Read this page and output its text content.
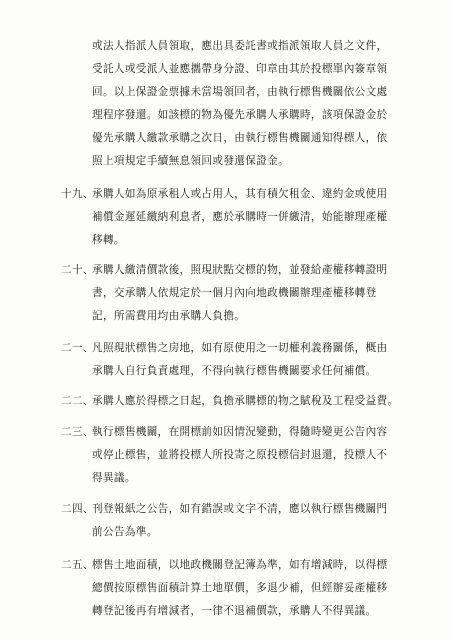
或法人指派人員領取，應出具委託書或指派領取人員之文件，
受託人或受派人並應攜帶身分證、印章由其於投標單內簽章領
回。以上保證金票據未當場領回者，由執行標售機關依公文處
理程序發還。如該標的物為優先承購人承購時，該項保證金於
優先承購人繳款承購之次日，由執行標售機關通知得標人，依
照上項規定手續無息領回或發還保證金。
十九、
承購人如為原承租人或占用人，其有積欠租金、違約金或使用
補償金遲延繳納利息者，應於承購時一併繳清，始能辦理產權
移轉。
二十、
承購人繳清價款後，照現狀點交標的物，並發給產權移轉證明
書，交承購人依規定於一個月內向地政機關辦理產權移轉登
記，所需費用均由承購人負擔。
二一、
凡照現狀標售之房地，如有原使用之一切權利義務關係，概由
承購人自行負責處理，不得向執行標售機關要求任何補償。
二二、
承購人應於得標之日起，負擔承購標的物之賦稅及工程受益費。
二三、
執行標售機關，在開標前如因情況變動，得隨時變更公告內容
或停止標售，並將投標人所投寄之原投標信封退還，投標人不
得異議。
二四、
刊登報紙之公告，如有錯誤或文字不清，應以執行標售機關門
前公告為準。
二五、
標售土地面積，以地政機關登記簿為準，如有增減時，以得標
總價按原標售面積計算土地單價，多退少補，但經辦妥產權移
轉登記後再有增減者，一律不退補價款，承購人不得異議。
